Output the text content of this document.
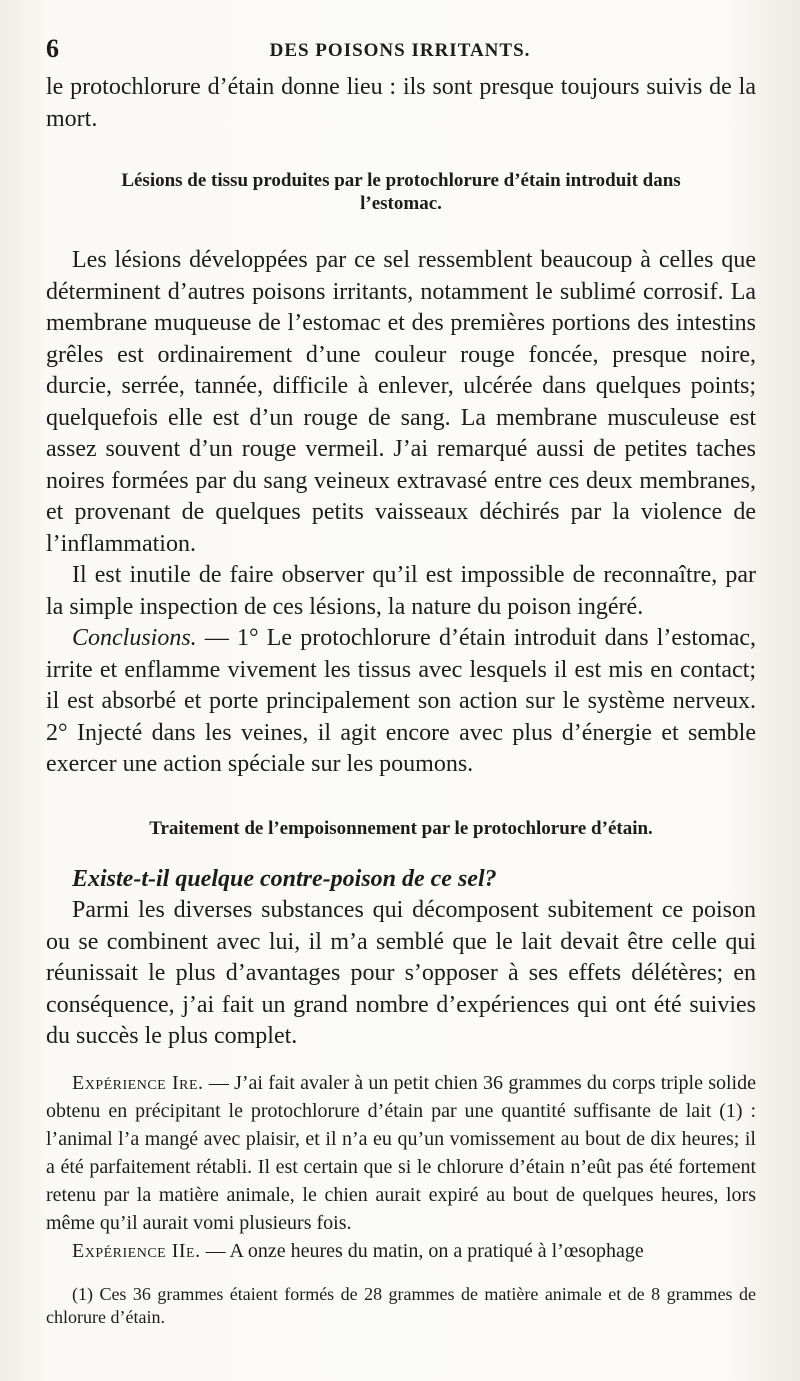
6	DES POISONS IRRITANTS.

le protochlorure d’étain donne lieu : ils sont presque toujours suivis de la mort.

Lésions de tissu produites par le protochlorure d’étain introduit dans l’estomac.

Les lésions développées par ce sel ressemblent beaucoup à celles que déterminent d’autres poisons irritants, notamment le sublimé corrosif. La membrane muqueuse de l’estomac et des premières portions des intestins grêles est ordinairement d’une couleur rouge foncée, presque noire, durcie, serrée, tannée, difficile à enlever, ulcérée dans quelques points; quelquefois elle est d’un rouge de sang. La membrane musculeuse est assez souvent d’un rouge vermeil. J’ai remarqué aussi de petites taches noires formées par du sang veineux extravasé entre ces deux membranes, et provenant de quelques petits vaisseaux déchirés par la violence de l’inflammation.

Il est inutile de faire observer qu’il est impossible de reconnaître, par la simple inspection de ces lésions, la nature du poison ingéré.

Conclusions. — 1° Le protochlorure d’étain introduit dans l’estomac, irrite et enflamme vivement les tissus avec lesquels il est mis en contact; il est absorbé et porte principalement son action sur le système nerveux. 2° Injecté dans les veines, il agit encore avec plus d’énergie et semble exercer une action spéciale sur les poumons.

Traitement de l’empoisonnement par le protochlorure d’étain.

Existe-t-il quelque contre-poison de ce sel?

Parmi les diverses substances qui décomposent subitement ce poison ou se combinent avec lui, il m’a semblé que le lait devait être celle qui réunissait le plus d’avantages pour s’opposer à ses effets délétères; en conséquence, j’ai fait un grand nombre d’expériences qui ont été suivies du succès le plus complet.

Expérience Ire. — J’ai fait avaler à un petit chien 36 grammes du corps triple solide obtenu en précipitant le protochlorure d’étain par une quantité suffisante de lait (1) : l’animal l’a mangé avec plaisir, et il n’a eu qu’un vomissement au bout de dix heures; il a été parfaitement rétabli. Il est certain que si le chlorure d’étain n’eût pas été fortement retenu par la matière animale, le chien aurait expiré au bout de quelques heures, lors même qu’il aurait vomi plusieurs fois.

Expérience IIe. — A onze heures du matin, on a pratiqué à l’œsophage

(1) Ces 36 grammes étaient formés de 28 grammes de matière animale et de 8 grammes de chlorure d’étain.
